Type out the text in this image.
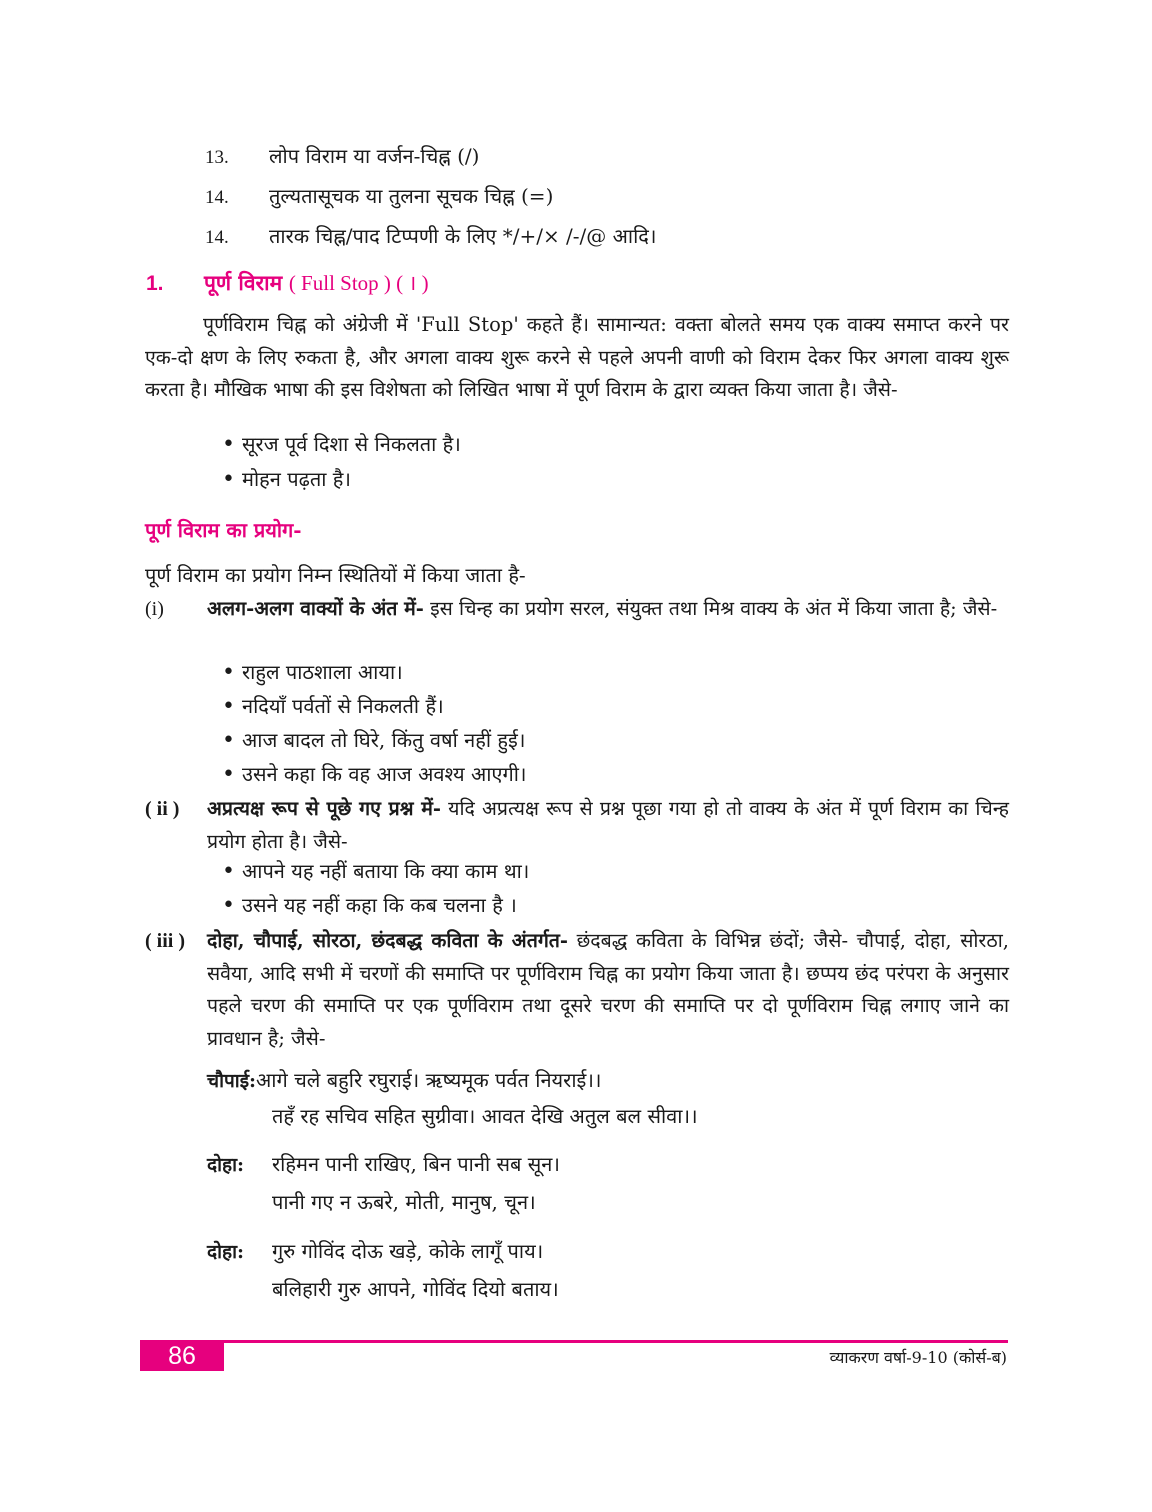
13. लोप विराम या वर्जन-चिह्न (/)
14. तुल्यतासूचक या तुलना सूचक चिह्न (=)
14. तारक चिह्न/पाद टिप्पणी के लिए */+/× /-/@ आदि।
1. पूर्ण विराम ( Full Stop ) ( । )
पूर्णविराम चिह्न को अंग्रेजी में 'Full Stop' कहते हैं। सामान्यत: वक्ता बोलते समय एक वाक्य समाप्त करने पर एक-दो क्षण के लिए रुकता है, और अगला वाक्य शुरू करने से पहले अपनी वाणी को विराम देकर फिर अगला वाक्य शुरू करता है। मौखिक भाषा की इस विशेषता को लिखित भाषा में पूर्ण विराम के द्वारा व्यक्त किया जाता है। जैसे-
• सूरज पूर्व दिशा से निकलता है।
• मोहन पढ़ता है।
पूर्ण विराम का प्रयोग-
पूर्ण विराम का प्रयोग निम्न स्थितियों में किया जाता है-
(i) अलग-अलग वाक्यों के अंत में- इस चिन्ह का प्रयोग सरल, संयुक्त तथा मिश्र वाक्य के अंत में किया जाता है; जैसे-
• राहुल पाठशाला आया।
• नदियाँ पर्वतों से निकलती हैं।
• आज बादल तो घिरे, किंतु वर्षा नहीं हुई।
• उसने कहा कि वह आज अवश्य आएगी।
( ii ) अप्रत्यक्ष रूप से पूछे गए प्रश्न में- यदि अप्रत्यक्ष रूप से प्रश्न पूछा गया हो तो वाक्य के अंत में पूर्ण विराम का चिन्ह प्रयोग होता है। जैसे-
• आपने यह नहीं बताया कि क्या काम था।
• उसने यह नहीं कहा कि कब चलना है ।
( iii ) दोहा, चौपाई, सोरठा, छंदबद्ध कविता के अंतर्गत- छंदबद्ध कविता के विभिन्न छंदों; जैसे- चौपाई, दोहा, सोरठा, सवैया, आदि सभी में चरणों की समाप्ति पर पूर्णविराम चिह्न का प्रयोग किया जाता है। छप्पय छंद परंपरा के अनुसार पहले चरण की समाप्ति पर एक पूर्णविराम तथा दूसरे चरण की समाप्ति पर दो पूर्णविराम चिह्न लगाए जाने का प्रावधान है; जैसे-
चौपाई:आगे चले बहुरि रघुराई। ऋष्यमूक पर्वत नियराई।।
तहँ रह सचिव सहित सुग्रीवा। आवत देखि अतुल बल सीवा।।
दोहा: रहिमन पानी राखिए, बिन पानी सब सून।
पानी गए न ऊबरे, मोती, मानुष, चून।
दोहा: गुरु गोविंद दोऊ खड़े, कोके लागूँ पाय।
बलिहारी गुरु आपने, गोविंद दियो बताय।
86	व्याकरण वर्षा-9-10 (कोर्स-ब)
